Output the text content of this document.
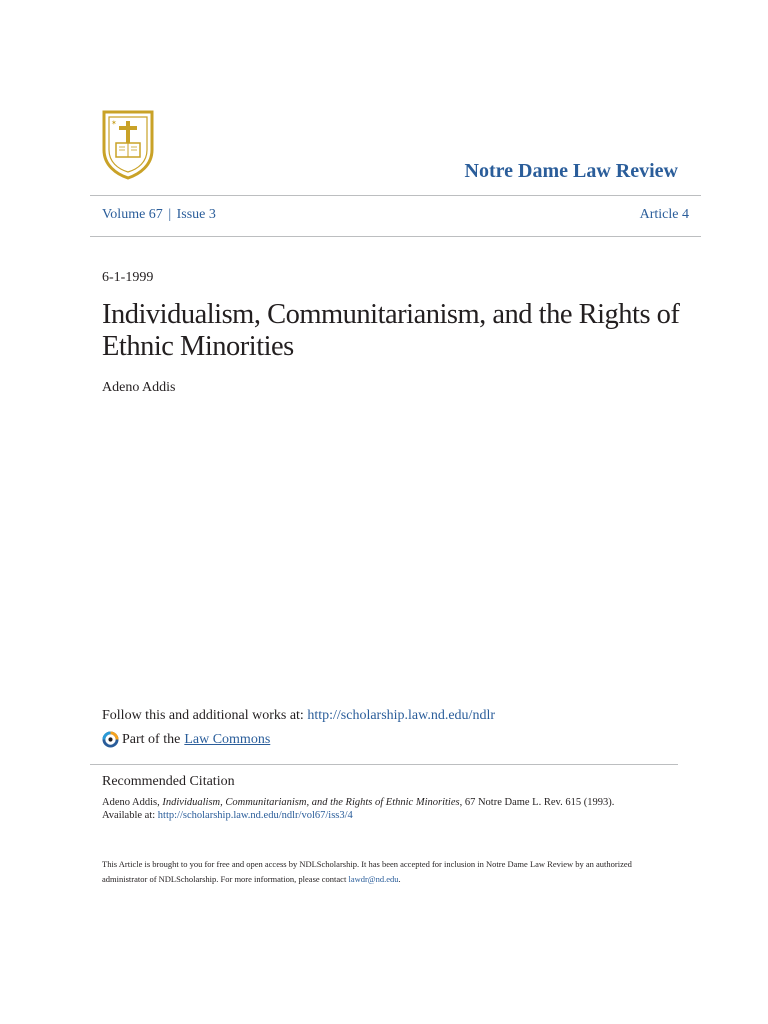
✶
Notre Dame Law Review
Volume 67 | Issue 3	Article 4
6-1-1999
Individualism, Communitarianism, and the Rights of Ethnic Minorities
Adeno Addis
Follow this and additional works at: http://scholarship.law.nd.edu/ndlr
Part of the Law Commons
Recommended Citation
Adeno Addis, Individualism, Communitarianism, and the Rights of Ethnic Minorities, 67 Notre Dame L. Rev. 615 (1993).
Available at: http://scholarship.law.nd.edu/ndlr/vol67/iss3/4
This Article is brought to you for free and open access by NDLScholarship. It has been accepted for inclusion in Notre Dame Law Review by an authorized administrator of NDLScholarship. For more information, please contact lawdr@nd.edu.
